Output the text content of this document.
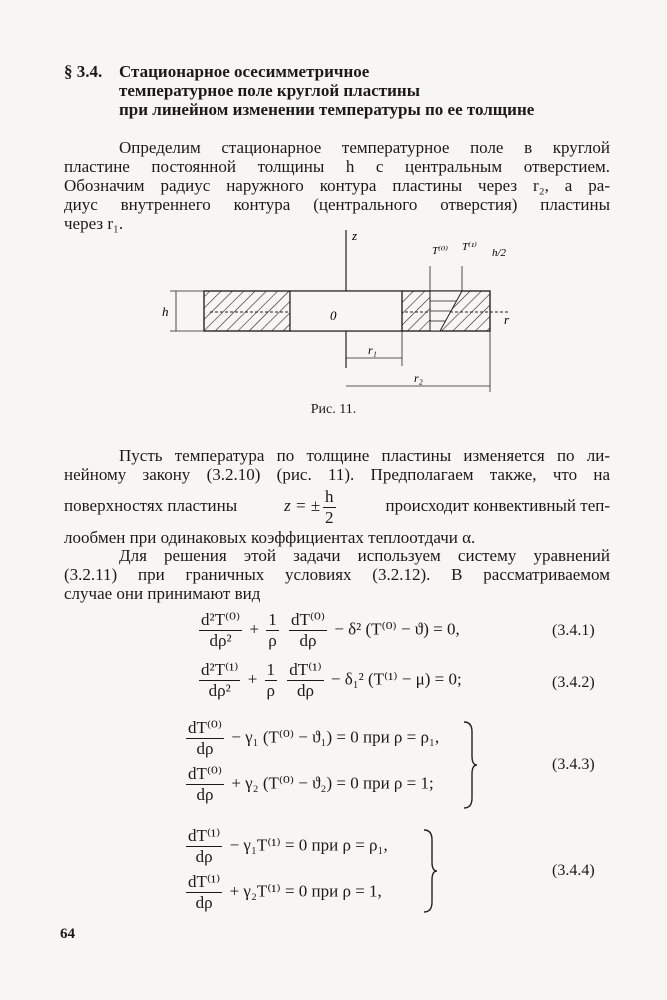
§ 3.4. Стационарное осесимметричное
температурное поле круглой пластины
при линейном изменении температуры по ее толщине
Определим стационарное температурное поле в круглой
пластине постоянной толщины h с центральным отверстием.
Обозначим радиус наружного контура пластины через r₂, а ра-
диус внутреннего контура (центрального отверстия) пластины
через r₁.
z
r
T⁽⁰⁾ T⁽¹⁾ h/2
h	0
r₁
r₂
Рис. 11.
Пусть температура по толщине пластины изменяется по ли-
нейному закону (3.2.10) (рис. 11). Предполагаем также, что на
поверхностях пластины	z = ± $\frac{h}{2}$	происходит конвективный теп-
лообмен при одинаковых коэффициентах теплоотдачи α.
Для решения этой задачи используем систему уравнений
(3.2.11) при граничных условиях (3.2.12). В рассматриваемом
случае они принимают вид
$\frac{\text{d²T⁽⁰⁾}}{\text{dρ²}} + \frac{1}{\rho}$
$\frac{\text{dT⁽⁰⁾}}{d\rho} - \delta^2$ (T⁽⁰⁾ − ϑ) = 0,	(3.4.1)
$\frac{\text{d²T⁽¹⁾}}{\text{dρ²}} + \frac{1}{\rho}$
$\frac{\text{dT⁽¹⁾}}{d\rho} - \delta_1^2$ (T⁽¹⁾ − μ) = 0;	(3.4.2)
$\frac{\text{dT⁽⁰⁾}}{d\rho} - \gamma_1$ (T⁽⁰⁾ − ϑ₁) = 0 при ρ = ρ₁,
$\frac{\text{dT⁽⁰⁾}}{d\rho} + \gamma_2$ (T⁽⁰⁾ − ϑ₂) = 0 при ρ = 1;
(3.4.3)
$\frac{\text{dT⁽¹⁾}}{d\rho} - \gamma_1T^{(1)} = 0$ при ρ = ρ₁,
$\frac{\text{dT⁽¹⁾}}{d\rho} + \gamma_2T^{(1)} = 0$ при ρ = 1,
(3.4.4)
64
